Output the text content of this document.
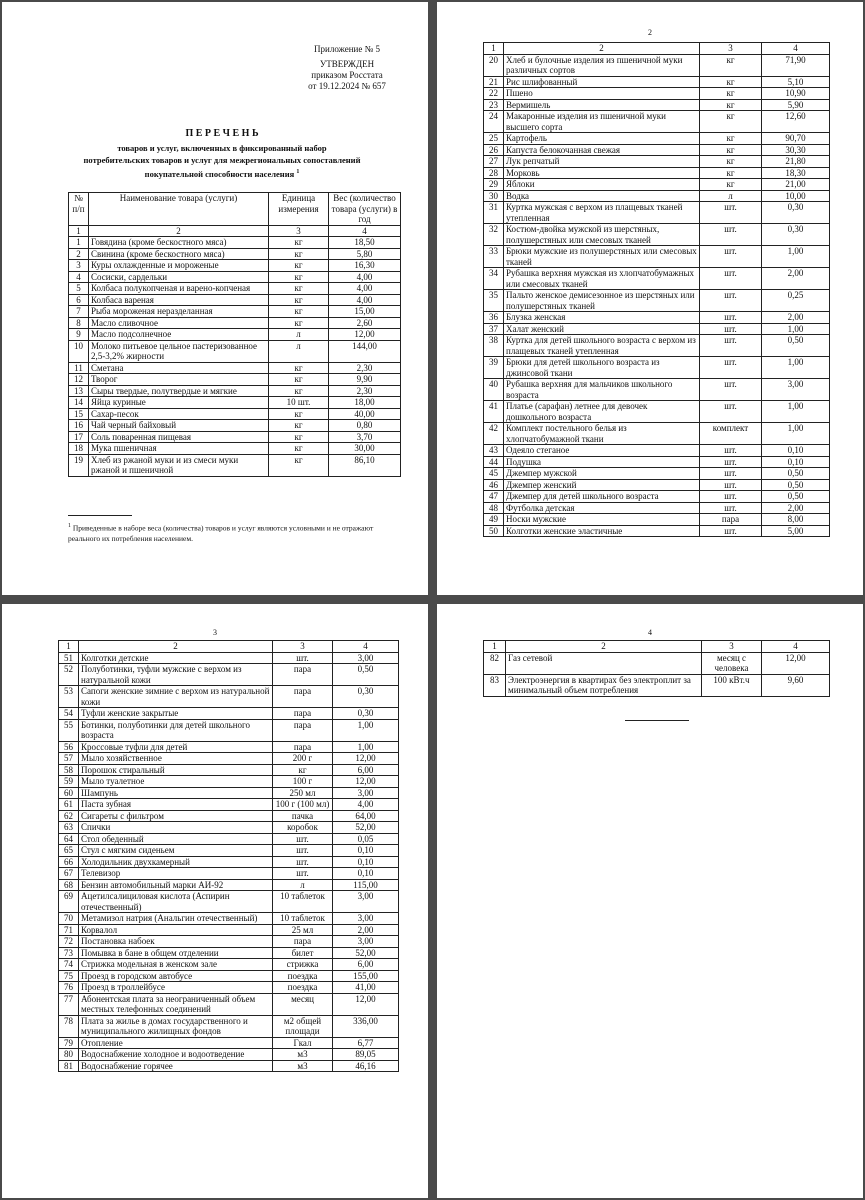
Приложение № 5
УТВЕРЖДЕН
приказом Росстата
от 19.12.2024 № 657
П Е Р Е Ч Е Н Ь
товаров и услуг, включенных в фиксированный набор
потребительских товаров и услуг для межрегиональных сопоставлений
покупательной способности населения $^1$
№ п/п	Наименование товара (услуги)	Единица измерения	Вес (количество товара (услуги) в год
1	2	3	4
1	Говядина (кроме бескостного мяса)	кг	18,50
2	Свинина (кроме бескостного мяса)	кг	5,80
3	Куры охлажденные и мороженые	кг	16,30
4	Сосиски, сардельки	кг	4,00
5	Колбаса полукопченая и варено-копченая	кг	4,00
6	Колбаса вареная	кг	4,00
7	Рыба мороженая неразделанная	кг	15,00
8	Масло сливочное	кг	2,60
9	Масло подсолнечное	л	12,00
10	Молоко питьевое цельное пастеризованное 2,5-3,2% жирности	л	144,00
11	Сметана	кг	2,30
12	Творог	кг	9,90
13	Сыры твердые, полутвердые и мягкие	кг	2,30
14	Яйца куриные	10 шт.	18,00
15	Сахар-песок	кг	40,00
16	Чай черный байховый	кг	0,80
17	Соль поваренная пищевая	кг	3,70
18	Мука пшеничная	кг	30,00
19	Хлеб из ржаной муки и из смеси муки ржаной и пшеничной	кг	86,10
$^1$ Приведенные в наборе веса (количества) товаров и услуг являются условными и не отражают реального их потребления населением.
2
1	2	3	4
20	Хлеб и булочные изделия из пшеничной муки различных сортов	кг	71,90
21	Рис шлифованный	кг	5,10
22	Пшено	кг	10,90
23	Вермишель	кг	5,90
24	Макаронные изделия из пшеничной муки высшего сорта	кг	12,60
25	Картофель	кг	90,70
26	Капуста белокочанная свежая	кг	30,30
27	Лук репчатый	кг	21,80
28	Морковь	кг	18,30
29	Яблоки	кг	21,00
30	Водка	л	10,00
31	Куртка мужская с верхом из плащевых тканей утепленная	шт.	0,30
32	Костюм-двойка мужской из шерстяных, полушерстяных или смесовых тканей	шт.	0,30
33	Брюки мужские из полушерстяных или смесовых тканей	шт.	1,00
34	Рубашка верхняя мужская из хлопчатобумажных или смесовых тканей	шт.	2,00
35	Пальто женское демисезонное из шерстяных или полушерстяных тканей	шт.	0,25
36	Блузка женская	шт.	2,00
37	Халат женский	шт.	1,00
38	Куртка для детей школьного возраста с верхом из плащевых тканей утепленная	шт.	0,50
39	Брюки для детей школьного возраста из джинсовой ткани	шт.	1,00
40	Рубашка верхняя для мальчиков школьного возраста	шт.	3,00
41	Платье (сарафан) летнее для девочек дошкольного возраста	шт.	1,00
42	Комплект постельного белья из хлопчатобумажной ткани	комплект	1,00
43	Одеяло стеганое	шт.	0,10
44	Подушка	шт.	0,10
45	Джемпер мужской	шт.	0,50
46	Джемпер женский	шт.	0,50
47	Джемпер для детей школьного возраста	шт.	0,50
48	Футболка детская	шт.	2,00
49	Носки мужские	пара	8,00
50	Колготки женские эластичные	шт.	5,00
3
1	2	3	4
51	Колготки детские	шт.	3,00
52	Полуботинки, туфли мужские с верхом из натуральной кожи	пара	0,50
53	Сапоги женские зимние с верхом из натуральной кожи	пара	0,30
54	Туфли женские закрытые	пара	0,30
55	Ботинки, полуботинки для детей школьного возраста	пара	1,00
56	Кроссовые туфли для детей	пара	1,00
57	Мыло хозяйственное	200 г	12,00
58	Порошок стиральный	кг	6,00
59	Мыло туалетное	100 г	12,00
60	Шампунь	250 мл	3,00
61	Паста зубная	100 г (100 мл)	4,00
62	Сигареты с фильтром	пачка	64,00
63	Спички	коробок	52,00
64	Стол обеденный	шт.	0,05
65	Стул с мягким сиденьем	шт.	0,10
66	Холодильник двухкамерный	шт.	0,10
67	Телевизор	шт.	0,10
68	Бензин автомобильный марки АИ-92	л	115,00
69	Ацетилсалициловая кислота (Аспирин отечественный)	10 таблеток	3,00
70	Метамизол натрия (Анальгин отечественный)	10 таблеток	3,00
71	Корвалол	25 мл	2,00
72	Постановка набоек	пара	3,00
73	Помывка в бане в общем отделении	билет	52,00
74	Стрижка модельная в женском зале	стрижка	6,00
75	Проезд в городском автобусе	поездка	155,00
76	Проезд в троллейбусе	поездка	41,00
77	Абонентская плата за неограниченный объем местных телефонных соединений	месяц	12,00
78	Плата за жилье в домах государственного и муниципального жилищных фондов	м2 общей площади	336,00
79	Отопление	Гкал	6,77
80	Водоснабжение холодное и водоотведение	м3	89,05
81	Водоснабжение горячее	м3	46,16
4
1	2	3	4
82	Газ сетевой	месяц с человека	12,00
83	Электроэнергия в квартирах без электроплит за минимальный объем потребления	100 кВт.ч	9,60
